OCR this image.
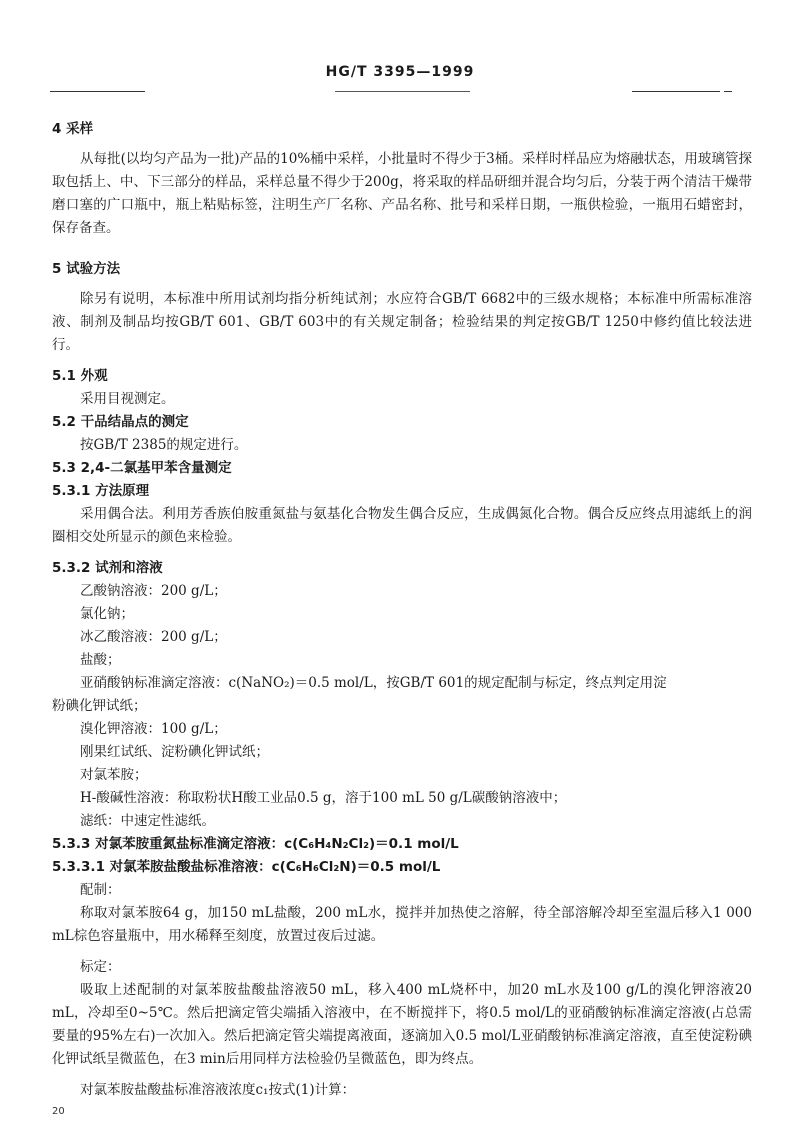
HG/T 3395—1999
4 采样

从每批(以均匀产品为一批)产品的10%桶中采样，小批量时不得少于3桶。采样时样品应为熔融状态，用玻璃管探取包括上、中、下三部分的样品，采样总量不得少于200g，将采取的样品研细并混合均匀后，分装于两个清洁干燥带磨口塞的广口瓶中，瓶上粘贴标签，注明生产厂名称、产品名称、批号和采样日期，一瓶供检验，一瓶用石蜡密封，保存备查。

5 试验方法

除另有说明，本标准中所用试剂均指分析纯试剂；水应符合GB/T 6682中的三级水规格；本标准中所需标准溶液、制剂及制品均按GB/T 601、GB/T 603中的有关规定制备；检验结果的判定按GB/T 1250中修约值比较法进行。

5.1 外观
采用目视测定。
5.2 干品结晶点的测定
按GB/T 2385的规定进行。
5.3 2,4-二氯基甲苯含量测定
5.3.1 方法原理

采用偶合法。利用芳香族伯胺重氮盐与氨基化合物发生偶合反应，生成偶氮化合物。偶合反应终点用滤纸上的润圈相交处所显示的颜色来检验。

5.3.2 试剂和溶液
乙酸钠溶液：200 g/L；
氯化钠；
冰乙酸溶液：200 g/L；
盐酸；
亚硝酸钠标准滴定溶液：c(NaNO₂)＝0.5 mol/L，按GB/T 601的规定配制与标定，终点判定用淀
粉碘化钾试纸；
溴化钾溶液：100 g/L；
刚果红试纸、淀粉碘化钾试纸；
对氯苯胺；
H-酸碱性溶液：称取粉状H酸工业品0.5 g，溶于100 mL 50 g/L碳酸钠溶液中；
滤纸：中速定性滤纸。
5.3.3 对氯苯胺重氮盐标准滴定溶液：c(C₆H₄N₂Cl₂)＝0.1 mol/L
5.3.3.1 对氯苯胺盐酸盐标准溶液：c(C₆H₆Cl₂N)＝0.5 mol/L
配制：

称取对氯苯胺64 g，加150 mL盐酸，200 mL水，搅拌并加热使之溶解，待全部溶解冷却至室温后移入1 000 mL棕色容量瓶中，用水稀释至刻度，放置过夜后过滤。

标定：

吸取上述配制的对氯苯胺盐酸盐溶液50 mL，移入400 mL烧杯中，加20 mL水及100 g/L的溴化钾溶液20 mL，冷却至0~5℃。然后把滴定管尖端插入溶液中，在不断搅拌下，将0.5 mol/L的亚硝酸钠标准滴定溶液(占总需要量的95%左右)一次加入。然后把滴定管尖端提离液面，逐滴加入0.5 mol/L亚硝酸钠标准滴定溶液，直至使淀粉碘化钾试纸呈微蓝色，在3 min后用同样方法检验仍呈微蓝色，即为终点。

对氯苯胺盐酸盐标准溶液浓度c₁按式(1)计算：
20
